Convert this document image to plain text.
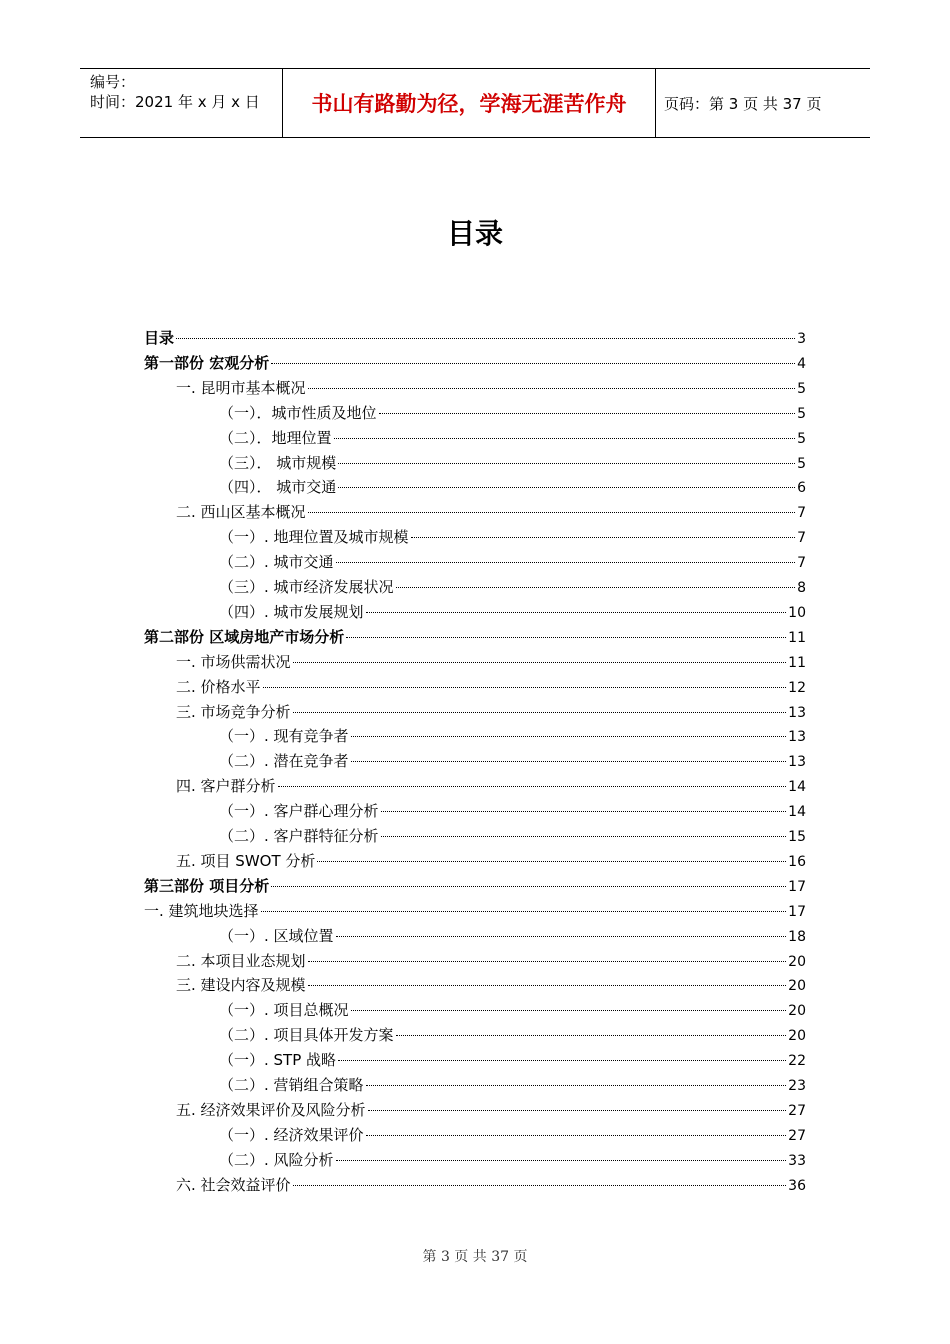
编号：
时间：2021 年 x 月 x 日	书山有路勤为径，学海无涯苦作舟	页码：第 3 页 共 37 页
目录
目录	3
第一部份 宏观分析	4
一. 昆明市基本概况	5
（一）．城市性质及地位	5
（二）．地理位置	5
（三）． 城市规模	5
（四）． 城市交通	6
二. 西山区基本概况	7
（一）. 地理位置及城市规模	7
（二）. 城市交通	7
（三）. 城市经济发展状况	8
（四）. 城市发展规划	10
第二部份 区域房地产市场分析	11
一. 市场供需状况	11
二. 价格水平	12
三. 市场竞争分析	13
（一）. 现有竞争者	13
（二）. 潜在竞争者	13
四. 客户群分析	14
（一）. 客户群心理分析	14
（二）. 客户群特征分析	15
五. 项目 SWOT 分析	16
第三部份 项目分析	17
一. 建筑地块选择	17
（一）. 区域位置	18
二. 本项目业态规划	20
三. 建设内容及规模	20
（一）. 项目总概况	20
（二）. 项目具体开发方案	20
（一）. STP 战略	22
（二）. 营销组合策略	23
五. 经济效果评价及风险分析	27
（一）. 经济效果评价	27
（二）. 风险分析	33
六. 社会效益评价	36
第 3 页 共 37 页
